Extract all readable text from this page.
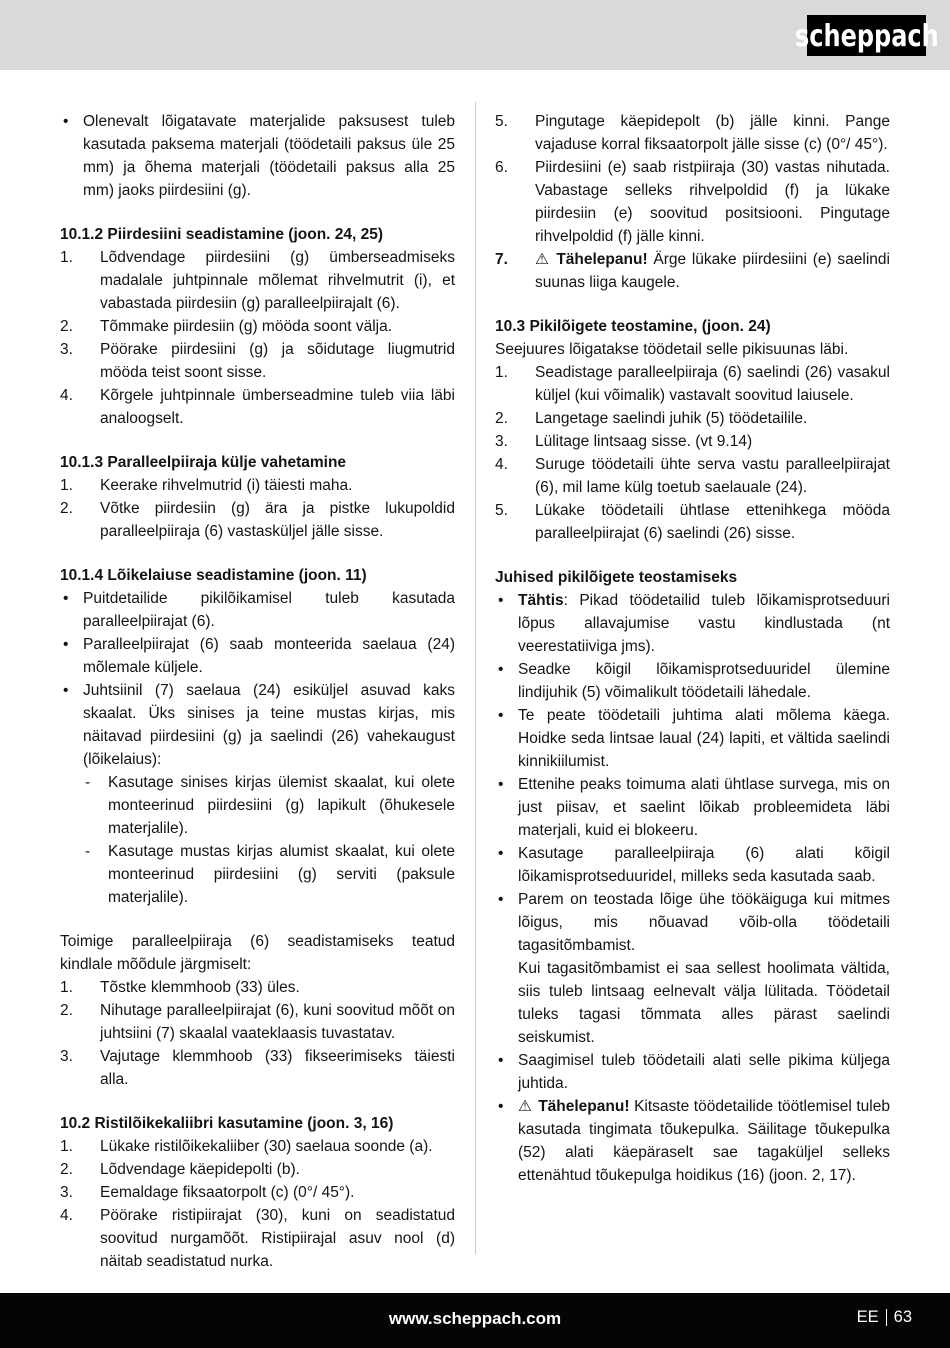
scheppach
• Olenevalt lõigatavate materjalide paksusest tuleb kasutada paksema materjali (töödetaili paksus üle 25 mm) ja õhema materjali (töödetaili paksus alla 25 mm) jaoks piirdesiini (g).
10.1.2 Piirdesiini seadistamine (joon. 24, 25)
1.	Lõdvendage piirdesiini (g) ümberseadmiseks madalale juhtpinnale mõlemat rihvelmutrit (i), et vabastada piirdesiin (g) paralleelpiirajalt (6).
2.	Tõmmake piirdesiin (g) mööda soont välja.
3.	Pöörake piirdesiini (g) ja sõidutage liugmutrid mööda teist soont sisse.
4.	Kõrgele juhtpinnale ümberseadmine tuleb viia läbi analoogselt.
10.1.3 Paralleelpiiraja külje vahetamine
1.	Keerake rihvelmutrid (i) täiesti maha.
2.	Võtke piirdesiin (g) ära ja pistke lukupoldid paralleelpiiraja (6) vastasküljel jälle sisse.
10.1.4 Lõikelaiuse seadistamine (joon. 11)
• Puitdetailide pikilõikamisel tuleb kasutada paralleelpiirajat (6).
• Paralleelpiirajat (6) saab monteerida saelaua (24) mõlemale küljele.
• Juhtsiinil (7) saelaua (24) esiküljel asuvad kaks skaalat. Üks sinises ja teine mustas kirjas, mis näitavad piirdesiini (g) ja saelindi (26) vahekaugust (lõikelaius):
-	Kasutage sinises kirjas ülemist skaalat, kui olete monteerinud piirdesiini (g) lapikult (õhukesele materjalile).
-	Kasutage mustas kirjas alumist skaalat, kui olete monteerinud piirdesiini (g) serviti (paksule materjalile).
Toimige paralleelpiiraja (6) seadistamiseks teatud kindlale mõõdule järgmiselt:
1.	Tõstke klemmhoob (33) üles.
2.	Nihutage paralleelpiirajat (6), kuni soovitud mõõt on juhtsiini (7) skaalal vaateklaasis tuvastatav.
3.	Vajutage klemmhoob (33) fikseerimiseks täiesti alla.
10.2 Ristilõikekaliibri kasutamine (joon. 3, 16)
1.	Lükake ristilõikekaliiber (30) saelaua soonde (a).
2.	Lõdvendage käepidepolti (b).
3.	Eemaldage fiksaatorpolt (c) (0°/ 45°).
4.	Pöörake ristipiirajat (30), kuni on seadistatud soovitud nurgamõõt. Ristipiirajal asuv nool (d) näitab seadistatud nurka.
5.	Pingutage käepidepolt (b) jälle kinni. Pange vajaduse korral fiksaatorpolt jälle sisse (c) (0°/ 45°).
6.	Piirdesiini (e) saab ristpiiraja (30) vastas nihutada. Vabastage selleks rihvelpoldid (f) ja lükake piirdesiin (e) soovitud positsiooni. Pingutage rihvelpoldid (f) jälle kinni.
7.	⚠ Tähelepanu! Ärge lükake piirdesiini (e) saelindi suunas liiga kaugele.
10.3 Pikilõigete teostamine, (joon. 24)
Seejuures lõigatakse töödetail selle pikisuunas läbi.
1.	Seadistage paralleelpiiraja (6) saelindi (26) vasakul küljel (kui võimalik) vastavalt soovitud laiusele.
2.	Langetage saelindi juhik (5) töödetailile.
3.	Lülitage lintsaag sisse. (vt 9.14)
4.	Suruge töödetaili ühte serva vastu paralleelpiirajat (6), mil lame külg toetub saelauale (24).
5.	Lükake töödetaili ühtlase ettenihkega mööda paralleelpiirajat (6) saelindi (26) sisse.
Juhised pikilõigete teostamiseks
• Tähtis: Pikad töödetailid tuleb lõikamisprotseduuri lõpus allavajumise vastu kindlustada (nt veerestatiiviga jms).
• Seadke kõigil lõikamisprotseduuridel ülemine lindijuhik (5) võimalikult töödetaili lähedale.
• Te peate töödetaili juhtima alati mõlema käega. Hoidke seda lintsae laual (24) lapiti, et vältida saelindi kinnikiilumist.
• Ettenihe peaks toimuma alati ühtlase survega, mis on just piisav, et saelint lõikab probleemideta läbi materjali, kuid ei blokeeru.
• Kasutage paralleelpiiraja (6) alati kõigil lõikamisprotseduuridel, milleks seda kasutada saab.
• Parem on teostada lõige ühe töökäiguga kui mitmes lõigus, mis nõuavad võib-olla töödetaili tagasitõmbamist.
Kui tagasitõmbamist ei saa sellest hoolimata vältida, siis tuleb lintsaag eelnevalt välja lülitada. Töödetail tuleks tagasi tõmmata alles pärast saelindi seiskumist.
• Saagimisel tuleb töödetaili alati selle pikima küljega juhtida.
• ⚠ Tähelepanu! Kitsaste töödetailide töötlemisel tuleb kasutada tingimata tõukepulka. Säilitage tõukepulka (52) alati käepäraselt sae tagaküljel selleks ettenähtud tõukepulga hoidikus (16) (joon. 2, 17).
www.scheppach.com	EE 63
